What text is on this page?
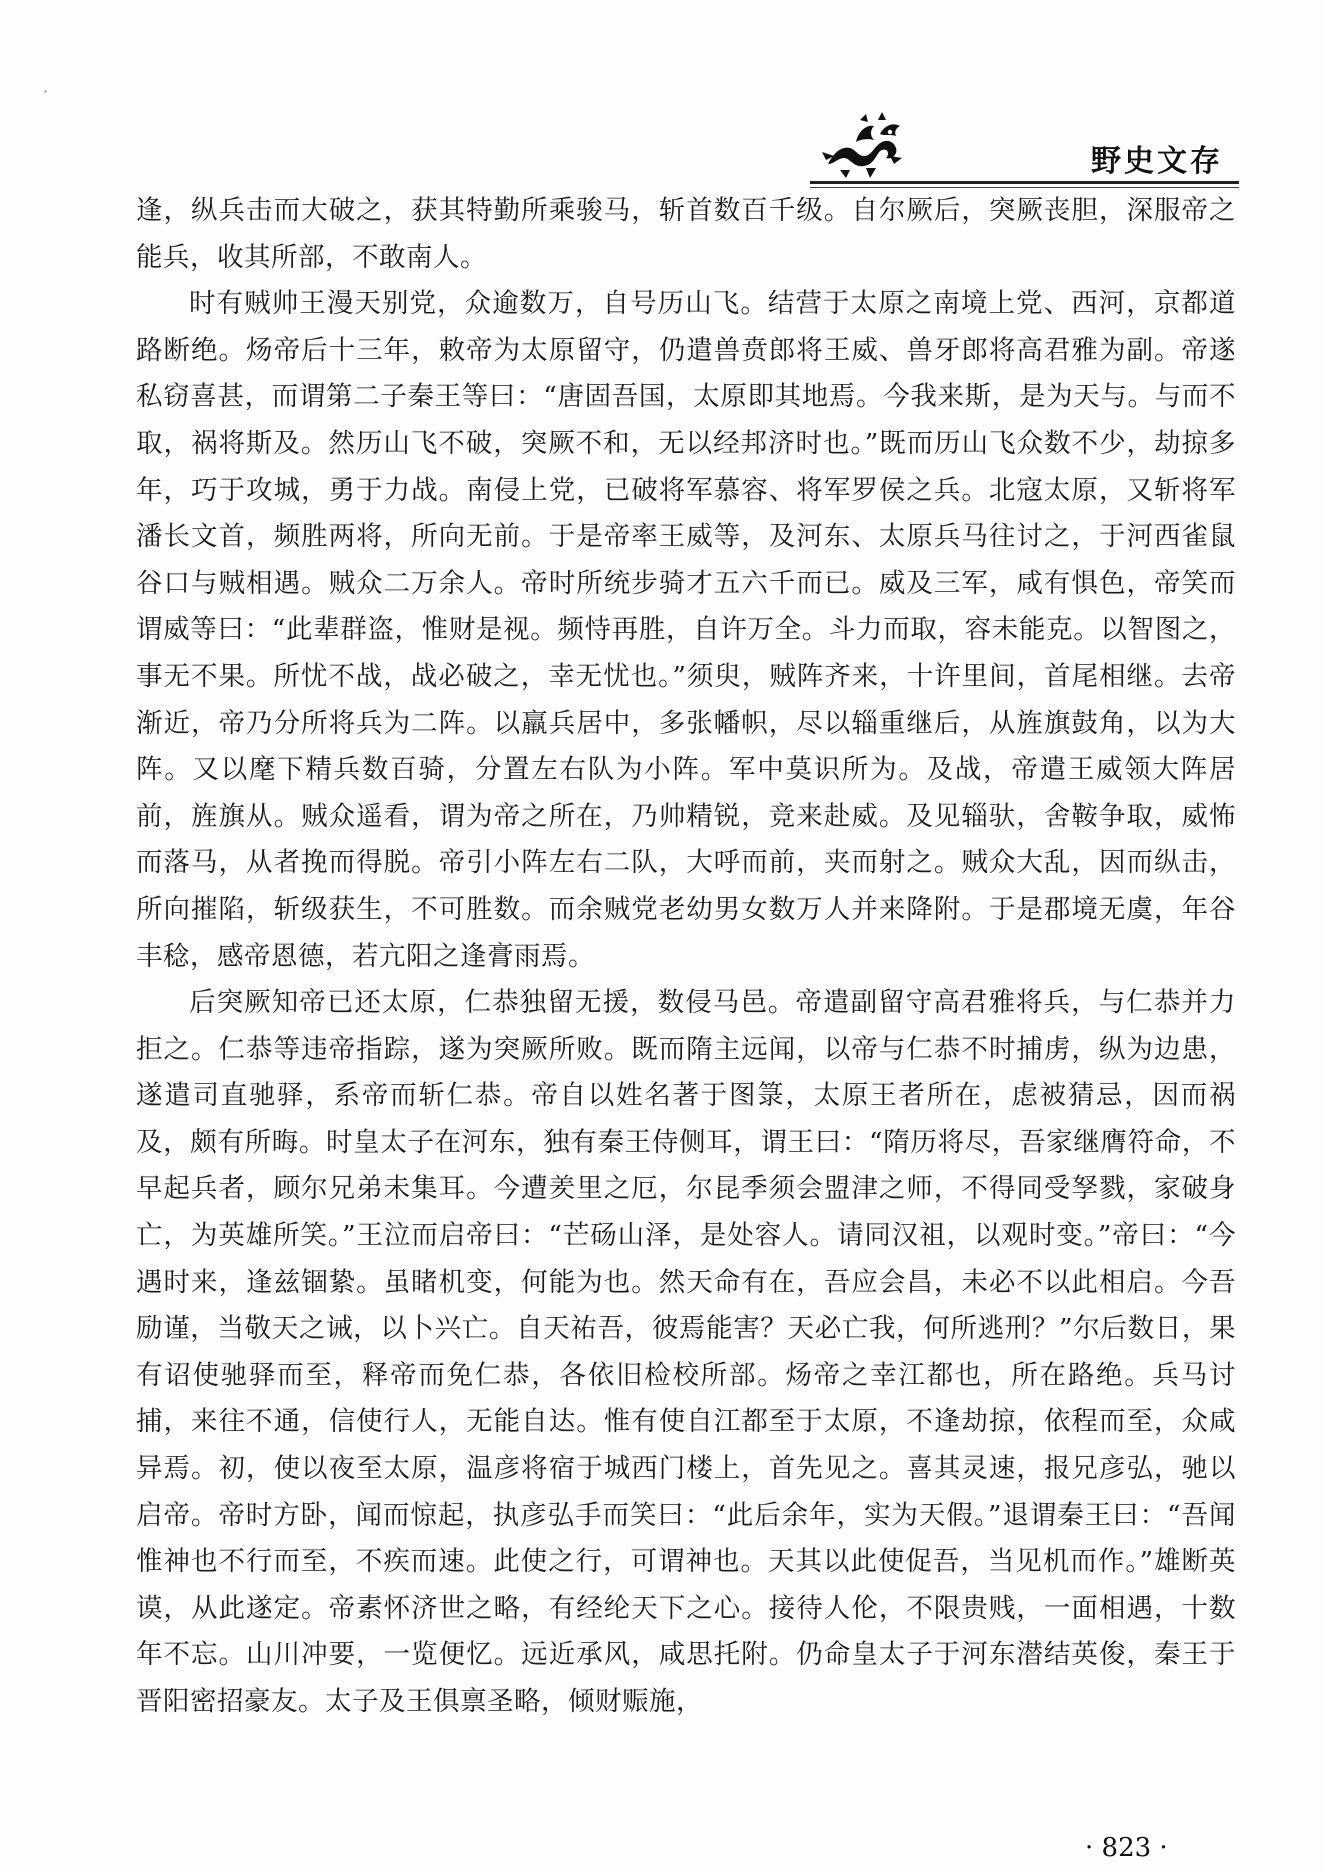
野史文存

逢，纵兵击而大破之，获其特勤所乘骏马，斩首数百千级。自尔厥后，突厥丧胆，深服帝之能兵，收其所部，不敢南人。

时有贼帅王漫天别党，众逾数万，自号历山飞。结营于太原之南境上党、西河，京都道路断绝。炀帝后十三年，敕帝为太原留守，仍遣兽贲郎将王威、兽牙郎将高君雅为副。帝遂私窃喜甚，而谓第二子秦王等曰：“唐固吾国，太原即其地焉。今我来斯，是为天与。与而不取，祸将斯及。然历山飞不破，突厥不和，无以经邦济时也。”既而历山飞众数不少，劫掠多年，巧于攻城，勇于力战。南侵上党，已破将军慕容、将军罗侯之兵。北寇太原，又斩将军潘长文首，频胜两将，所向无前。于是帝率王威等，及河东、太原兵马往讨之，于河西雀鼠谷口与贼相遇。贼众二万余人。帝时所统步骑才五六千而已。威及三军，咸有惧色，帝笑而谓威等曰：“此辈群盗，惟财是视。频恃再胜，自许万全。斗力而取，容未能克。以智图之，事无不果。所忧不战，战必破之，幸无忧也。”须臾，贼阵齐来，十许里间，首尾相继。去帝渐近，帝乃分所将兵为二阵。以羸兵居中，多张幡帜，尽以辎重继后，从旌旗鼓角，以为大阵。又以麾下精兵数百骑，分置左右队为小阵。军中莫识所为。及战，帝遣王威领大阵居前，旌旗从。贼众遥看，谓为帝之所在，乃帅精锐，竞来赴威。及见辎驮，舍鞍争取，威怖而落马，从者挽而得脱。帝引小阵左右二队，大呼而前，夹而射之。贼众大乱，因而纵击，所向摧陷，斩级获生，不可胜数。而余贼党老幼男女数万人并来降附。于是郡境无虞，年谷丰稔，感帝恩德，若亢阳之逢膏雨焉。

后突厥知帝已还太原，仁恭独留无援，数侵马邑。帝遣副留守高君雅将兵，与仁恭并力拒之。仁恭等违帝指踪，遂为突厥所败。既而隋主远闻，以帝与仁恭不时捕虏，纵为边患，遂遣司直驰驿，系帝而斩仁恭。帝自以姓名著于图箓，太原王者所在，虑被猜忌，因而祸及，颇有所晦。时皇太子在河东，独有秦王侍侧耳，谓王曰：“隋历将尽，吾家继膺符命，不早起兵者，顾尔兄弟未集耳。今遭羑里之厄，尔昆季须会盟津之师，不得同受孥戮，家破身亡，为英雄所笑。”王泣而启帝曰：“芒砀山泽，是处容人。请同汉祖，以观时变。”帝曰：“今遇时来，逢兹锢絷。虽睹机变，何能为也。然天命有在，吾应会昌，未必不以此相启。今吾励谨，当敬天之诫，以卜兴亡。自天祐吾，彼焉能害？天必亡我，何所逃刑？”尔后数日，果有诏使驰驿而至，释帝而免仁恭，各依旧检校所部。炀帝之幸江都也，所在路绝。兵马讨捕，来往不通，信使行人，无能自达。惟有使自江都至于太原，不逢劫掠，依程而至，众咸异焉。初，使以夜至太原，温彦将宿于城西门楼上，首先见之。喜其灵速，报兄彦弘，驰以启帝。帝时方卧，闻而惊起，执彦弘手而笑曰：“此后余年，实为天假。”退谓秦王曰：“吾闻惟神也不行而至，不疾而速。此使之行，可谓神也。天其以此使促吾，当见机而作。”雄断英谟，从此遂定。帝素怀济世之略，有经纶天下之心。接待人伦，不限贵贱，一面相遇，十数年不忘。山川冲要，一览便忆。远近承风，咸思托附。仍命皇太子于河东潜结英俊，秦王于晋阳密招豪友。太子及王俱禀圣略，倾财赈施，

· 823 ·
